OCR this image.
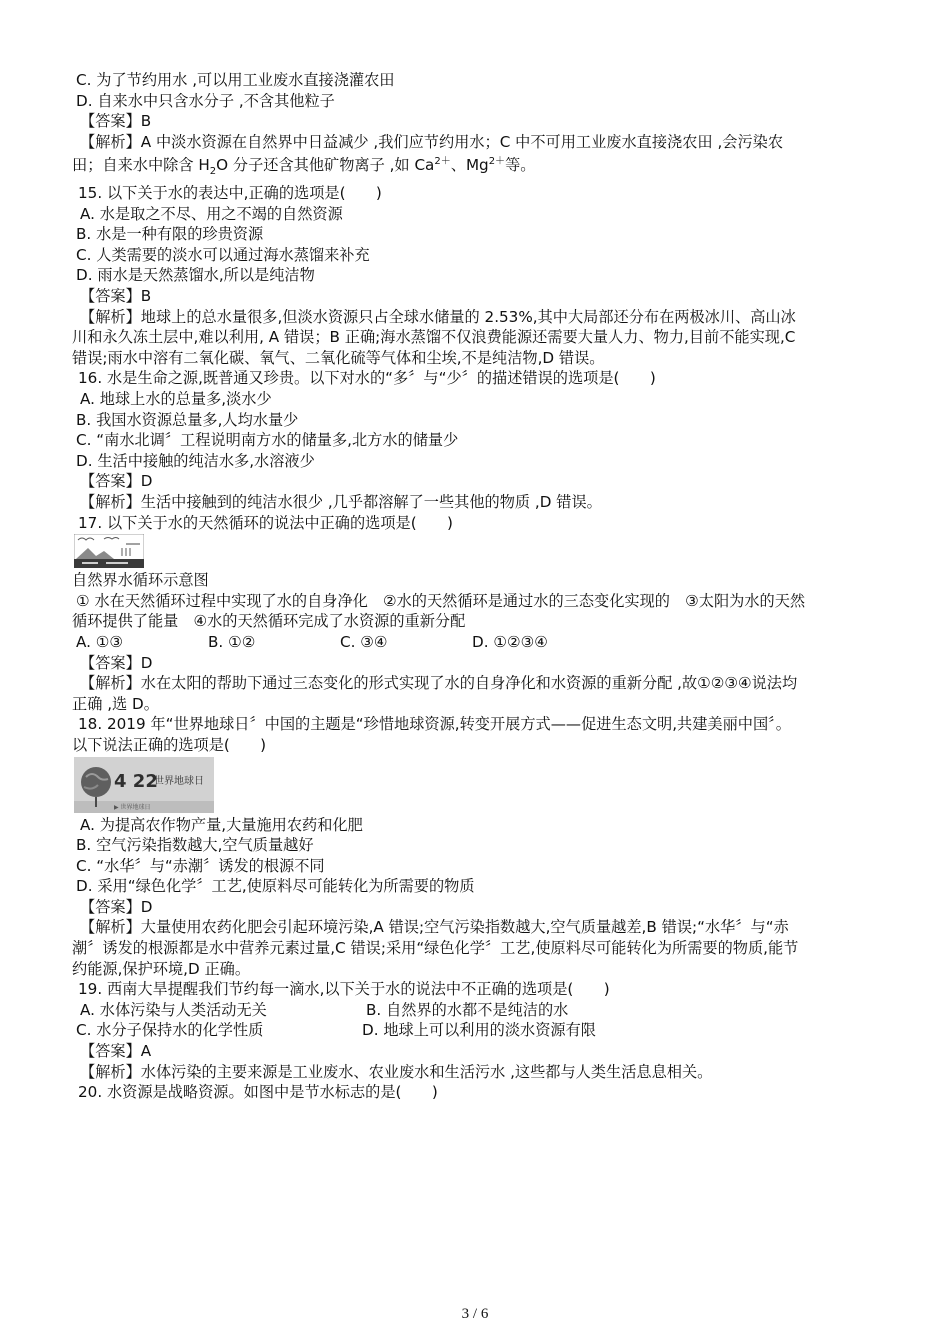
C. 为了节约用水 ,可以用工业废水直接浇灌农田
D. 自来水中只含水分子 ,不含其他粒子
【答案】B
【解析】A 中淡水资源在自然界中日益减少 ,我们应节约用水；C 中不可用工业废水直接浇农田 ,会污染农
田；自来水中除含 $H_2O$ 分子还含其他矿物离子 ,如 $Ca^{2+}$、$Mg^{2+}$等。
15. 以下关于水的表达中,正确的选项是(　　)
A. 水是取之不尽、用之不竭的自然资源
B. 水是一种有限的珍贵资源
C. 人类需要的淡水可以通过海水蒸馏来补充
D. 雨水是天然蒸馏水,所以是纯洁物
【答案】B
【解析】地球上的总水量很多,但淡水资源只占全球水储量的 2.53%,其中大局部还分布在两极冰川、高山冰
川和永久冻土层中,难以利用, A 错误；B 正确;海水蒸馏不仅浪费能源还需要大量人力、物力,目前不能实现,C
错误;雨水中溶有二氧化碳、氧气、二氧化硫等气体和尘埃,不是纯洁物,D 错误。
16. 水是生命之源,既普通又珍贵。以下对水的“多〞与“少〞的描述错误的选项是(　　)
A. 地球上水的总量多,淡水少
B. 我国水资源总量多,人均水量少
C. “南水北调〞工程说明南方水的储量多,北方水的储量少
D. 生活中接触的纯洁水多,水溶液少
【答案】D
【解析】生活中接触到的纯洁水很少 ,几乎都溶解了一些其他的物质 ,D 错误。
17. 以下关于水的天然循环的说法中正确的选项是(　　)
自然界水循环示意图
① 水在天然循环过程中实现了水的自身净化　②水的天然循环是通过水的三态变化实现的　③太阳为水的天然
循环提供了能量　④水的天然循环完成了水资源的重新分配
A. ①③	B. ①②	C. ③④	D. ①②③④
【答案】D
【解析】水在太阳的帮助下通过三态变化的形式实现了水的自身净化和水资源的重新分配 ,故①②③④说法均
正确 ,选 D。
18. 2019 年“世界地球日〞中国的主题是“珍惜地球资源,转变开展方式——促进生态文明,共建美丽中国〞。
以下说法正确的选项是(　　)
4 22
世界地球日
▶ 世界地球日
A. 为提高农作物产量,大量施用农药和化肥
B. 空气污染指数越大,空气质量越好
C. “水华〞与“赤潮〞诱发的根源不同
D. 采用“绿色化学〞工艺,使原料尽可能转化为所需要的物质
【答案】D
【解析】大量使用农药化肥会引起环境污染,A 错误;空气污染指数越大,空气质量越差,B 错误;“水华〞与“赤
潮〞诱发的根源都是水中营养元素过量,C 错误;采用“绿色化学〞工艺,使原料尽可能转化为所需要的物质,能节
约能源,保护环境,D 正确。
19. 西南大旱提醒我们节约每一滴水,以下关于水的说法中不正确的选项是(　　)
A. 水体污染与人类活动无关	B. 自然界的水都不是纯洁的水
C. 水分子保持水的化学性质	D. 地球上可以利用的淡水资源有限
【答案】A
【解析】水体污染的主要来源是工业废水、农业废水和生活污水 ,这些都与人类生活息息相关。
20. 水资源是战略资源。如图中是节水标志的是(　　)
3 / 6
